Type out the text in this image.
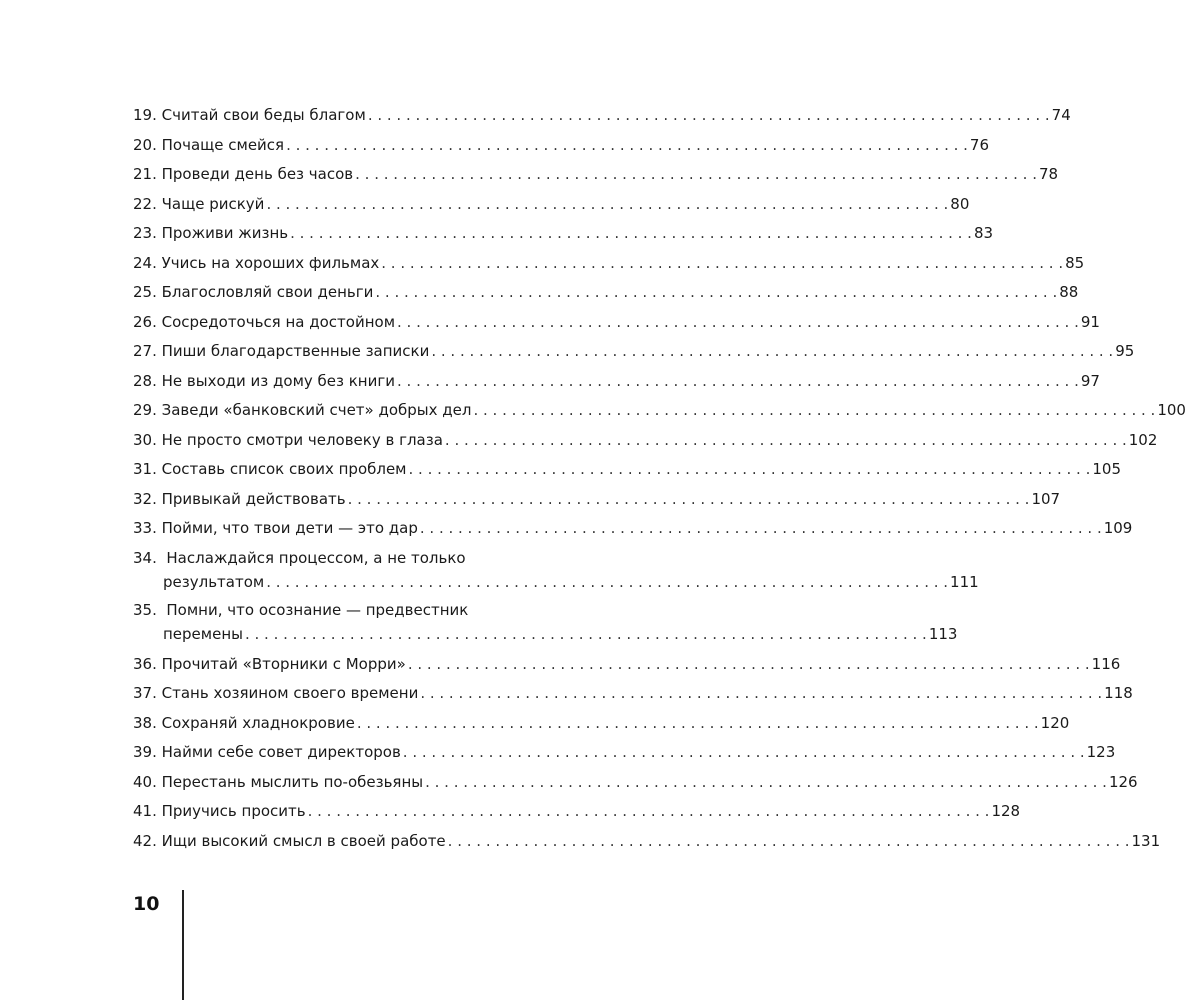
19. Считай свои беды благом . . .	74
20. Почаще смейся . . .	76
21. Проведи день без часов . . .	78
22. Чаще рискуй . . .	80
23. Проживи жизнь . . .	83
24. Учись на хороших фильмах . . .	85
25. Благословляй свои деньги . . .	88
26. Сосредоточься на достойном . . .	91
27. Пиши благодарственные записки . . .	95
28. Не выходи из дому без книги . . .	97
29. Заведи «банковский счет» добрых дел . . .	100
30. Не просто смотри человеку в глаза . . .	102
31. Составь список своих проблем . . .	105
32. Привыкай действовать . . .	107
33. Пойми, что твои дети — это дар . . .	109
34.  Наслаждайся процессом, а не только
результатом . . .	111
35.  Помни, что осознание — предвестник
перемены . . .	113
36. Прочитай «Вторники с Морри» . . .	116
37. Стань хозяином своего времени . . .	118
38. Сохраняй хладнокровие . . .	120
39. Найми себе совет директоров . . .	123
40. Перестань мыслить по-обезьяны . . .	126
41. Приучись просить . . .	128
42. Ищи высокий смысл в своей работе . . .	131
10
